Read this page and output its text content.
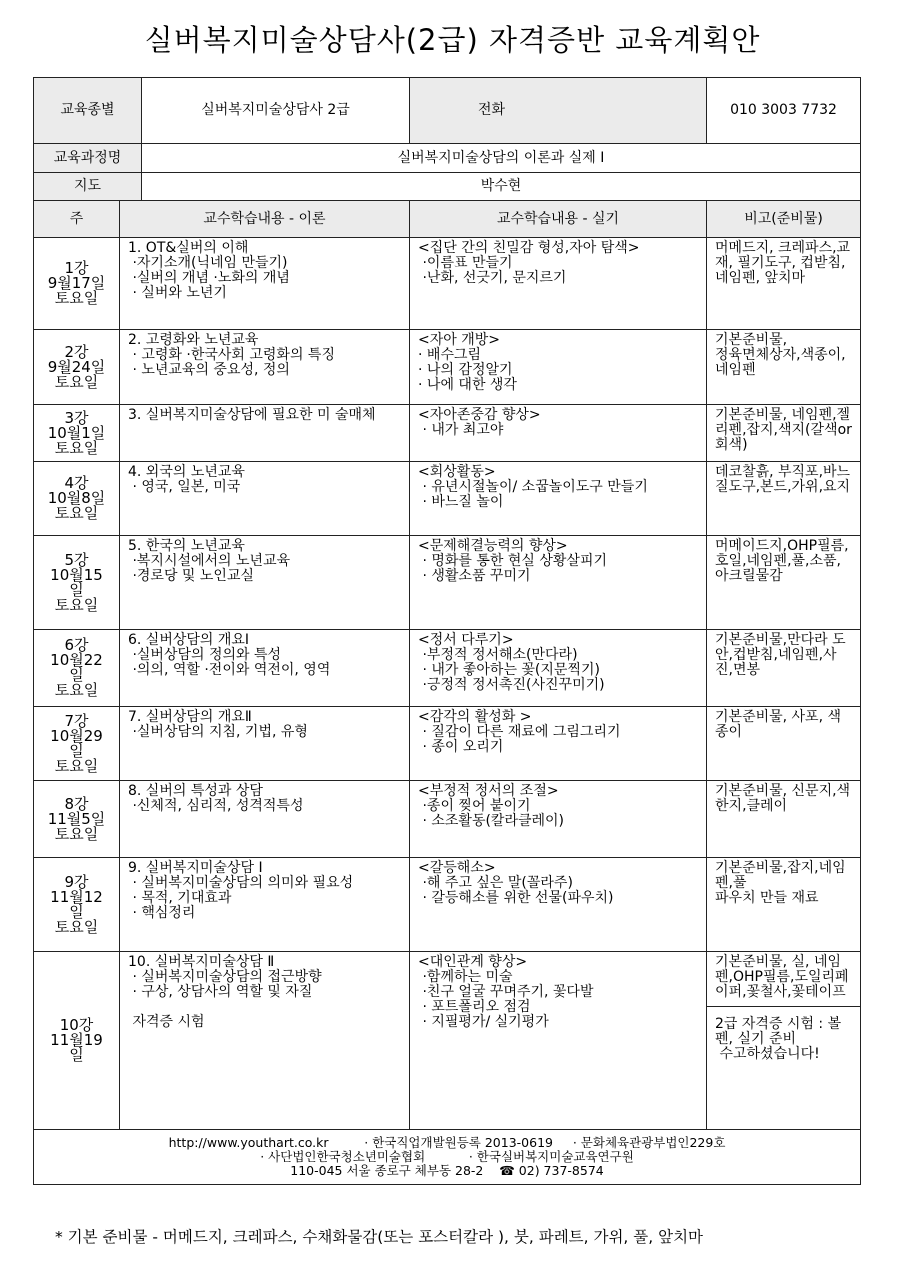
실버복지미술상담사(2급) 자격증반 교육계획안
교육종별		실버복지미술상담사 2급	전화	010 3003 7732
교육과정명		실버복지미술상담의 이론과 실제 Ⅰ		
지도		박수현		
주	교수학습내용 - 이론		교수학습내용 - 실기	비고(준비물)

1강
9월17일
토요일	1. OT&실버의 이해
·자기소개(닉네임 만들기)
·실버의 개념 ·노화의 개념
· 실버와 노년기		<집단 간의 친밀감 형성,자아 탐색>
·이름표 만들기
·난화, 선긋기, 문지르기	머메드지, 크레파스,교재, 필기도구, 컵받침, 네임펜, 앞치마

2강
9월24일
토요일	2. 고령화와 노년교육
· 고령화 ·한국사회 고령화의 특징
· 노년교육의 중요성, 정의		<자아 개방>
· 배수그림
· 나의 감정알기
· 나에 대한 생각	기본준비물,
정육면체상자,색종이, 네임펜

3강
10월1일
토요일	3. 실버복지미술상담에 필요한 미 술매체		<자아존중감 향상>
· 내가 최고야	기본준비물, 네임펜,젤리펜,잡지,색지(갈색or회색)

4강
10월8일
토요일	4. 외국의 노년교육
· 영국, 일본, 미국		<회상활동>
· 유년시절놀이/ 소꿉놀이도구 만들기
· 바느질 놀이	데코찰흙, 부직포,바느질도구,본드,가위,요지

5강
10월15
일
토요일	5. 한국의 노년교육
·복지시설에서의 노년교육
·경로당 및 노인교실		<문제해결능력의 향상>
· 명화를 통한 현실 상황살피기
· 생활소품 꾸미기	머메이드지,OHP필름,호일,네임펜,풀,소품,아크릴물감

6강
10월22
일
토요일	6. 실버상담의 개요Ⅰ
·실버상담의 정의와 특성
·의의, 역할 ·전이와 역전이, 영역		<정서 다루기>
·부정적 정서해소(만다라)
· 내가 좋아하는 꽃(지문찍기)
·긍정적 정서촉진(사진꾸미기)	기본준비물,만다라 도안,컵받침,네임펜,사진,면봉

7강
10월29
일
토요일	7. 실버상담의 개요Ⅱ
·실버상담의 지침, 기법, 유형		<감각의 활성화 >
· 질감이 다른 재료에 그림그리기
· 종이 오리기	기본준비물, 사포, 색종이

8강
11월5일
토요일	8. 실버의 특성과 상담
·신체적, 심리적, 성격적특성		<부정적 정서의 조절>
·종이 찢어 붙이기
· 소조활동(칼라클레이)	기본준비물, 신문지,색한지,클레이

9강
11월12
일
토요일	9. 실버복지미술상담 Ⅰ
· 실버복지미술상담의 의미와 필요성
· 목적, 기대효과
· 핵심정리		<갈등해소>
·해 주고 싶은 말(꼴라주)
· 갈등해소를 위한 선물(파우치)	기본준비물,잡지,네임펜,풀
파우치 만들 재료

10강
11월19
일	10. 실버복지미술상담 Ⅱ
· 실버복지미술상담의 접근방향
· 구상, 상담사의 역할 및 자질

자격증 시험		<대인관계 향상>
·함께하는 미술
·친구 얼굴 꾸며주기, 꽃다발
· 포트폴리오 점검
· 지필평가/ 실기평가	기본준비물, 실, 네임펜,OHP필름,도일리페이퍼,꽃철사,꽃테이프
2급 자격증 시험 : 볼펜, 실기 준비
수고하셨습니다!

http://www.youthart.co.kr         · 한국직업개발원등록 2013-0619     · 문화체육관광부법인229호
· 사단법인한국청소년미술협회           · 한국실버복지미술교육연구원
110-045 서울 종로구 체부동 28-2    ☎ 02) 737-8574				
* 기본 준비물 - 머메드지, 크레파스, 수채화물감(또는 포스터칼라 ), 붓, 파레트, 가위, 풀, 앞치마
